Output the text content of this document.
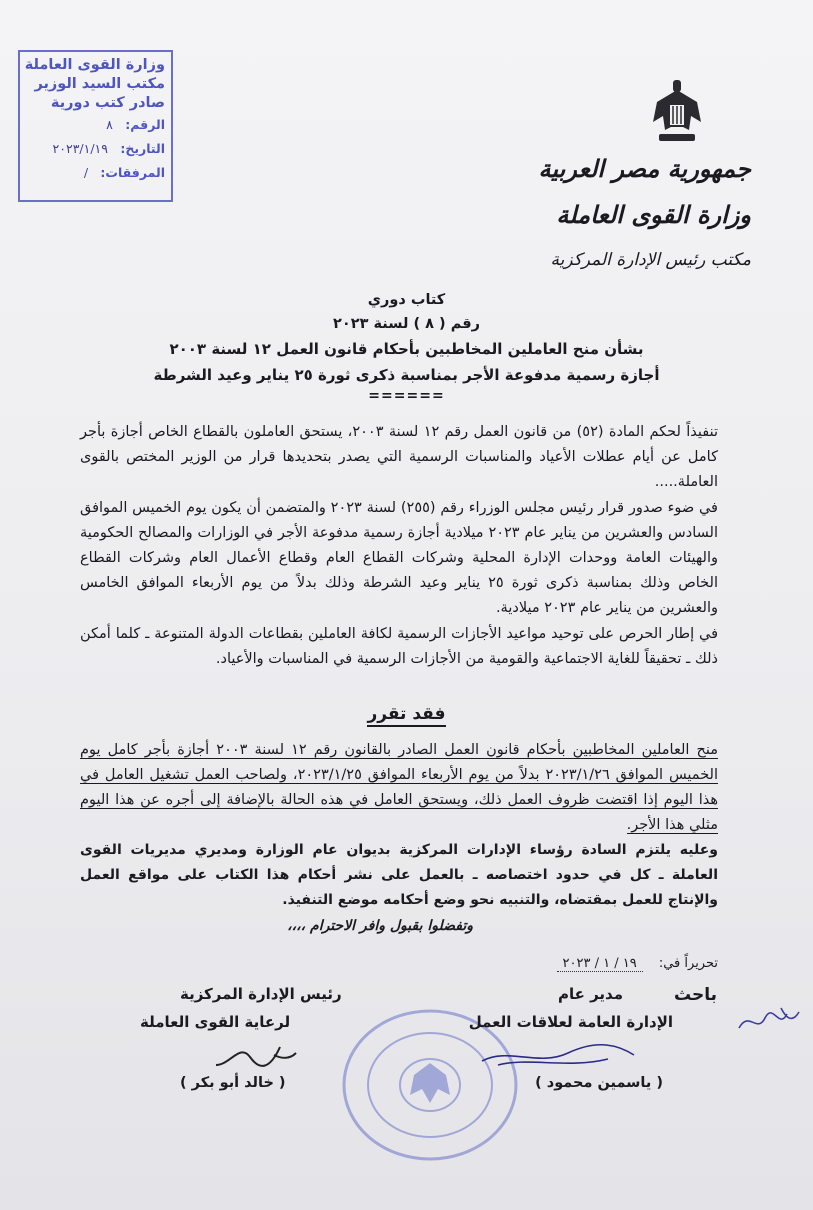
وزارة القوى العاملة
مكتب السيد الوزير
صادر كتب دورية
الرقم: ٨
التاريخ: ٢٠٢٣/١/١٩
المرفقات: /	جمهورية مصر العربية
وزارة القوى العاملة
مكتب رئيس الإدارة المركزية
كتاب دوري
رقم ( ٨ ) لسنة ٢٠٢٣
بشأن منح العاملين المخاطبين بأحكام قانون العمل ١٢ لسنة ٢٠٠٣
أجازة رسمية مدفوعة الأجر بمناسبة ذكرى ثورة ٢٥ يناير وعيد الشرطة
======
تنفيذاً لحكم المادة (٥٢) من قانون العمل رقم ١٢ لسنة ٢٠٠٣، يستحق العاملون بالقطاع الخاص أجازة بأجر كامل عن أيام عطلات الأعياد والمناسبات الرسمية التي يصدر بتحديدها قرار من الوزير المختص بالقوى العاملة.....
في ضوء صدور قرار رئيس مجلس الوزراء رقم (٢٥٥) لسنة ٢٠٢٣ والمتضمن أن يكون يوم الخميس الموافق السادس والعشرين من يناير عام ٢٠٢٣ ميلادية أجازة رسمية مدفوعة الأجر في الوزارات والمصالح الحكومية والهيئات العامة ووحدات الإدارة المحلية وشركات القطاع العام وقطاع الأعمال العام وشركات القطاع الخاص وذلك بمناسبة ذكرى ثورة ٢٥ يناير وعيد الشرطة وذلك بدلاً من يوم الأربعاء الموافق الخامس والعشرين من يناير عام ٢٠٢٣ ميلادية.
في إطار الحرص على توحيد مواعيد الأجازات الرسمية لكافة العاملين بقطاعات الدولة المتنوعة ـ كلما أمكن ذلك ـ تحقيقاً للغاية الاجتماعية والقومية من الأجازات الرسمية في المناسبات والأعياد.
فقد تقرر
منح العاملين المخاطبين بأحكام قانون العمل الصادر بالقانون رقم ١٢ لسنة ٢٠٠٣ أجازة بأجر كامل يوم الخميس الموافق ٢٠٢٣/١/٢٦ بدلاً من يوم الأربعاء الموافق ٢٠٢٣/١/٢٥، ولصاحب العمل تشغيل العامل في هذا اليوم إذا اقتضت ظروف العمل ذلك، ويستحق العامل في هذه الحالة بالإضافة إلى أجره عن هذا اليوم مثلي هذا الأجر.
وعليه يلتزم السادة رؤساء الإدارات المركزية بديوان عام الوزارة ومديري مديريات القوى العاملة ـ كل في حدود اختصاصه ـ بالعمل على نشر أحكام هذا الكتاب على مواقع العمل والإنتاج للعمل بمقتضاه، والتنبيه نحو وضع أحكامه موضع التنفيذ.
وتفضلوا بقبول وافر الاحترام ،،،،
تحريراً في: ١٩ / ١ / ٢٠٢٣
باحث
مدير عام
الإدارة العامة لعلاقات العمل
( ياسمين محمود )
رئيس الإدارة المركزية
لرعاية القوى العاملة
( خالد أبو بكر )
